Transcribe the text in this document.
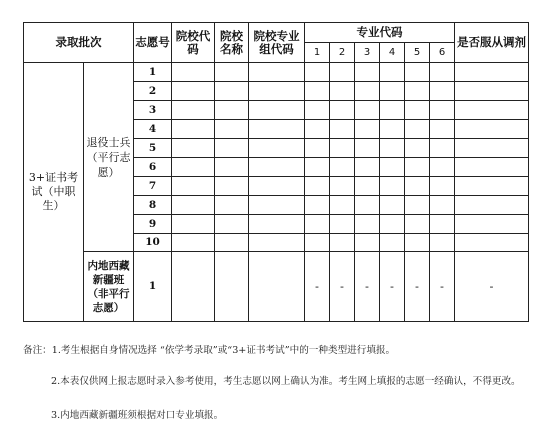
录取批次		志愿号	院校代码	院校名称	院校专业组代码	专业代码						是否服从调剂
						1	2	3	4	5	6	
3+证书考试（中职生）	退役士兵（平行志愿）	1										
		2										
		3										
		4										
		5										
		6										
		7										
		8										
		9										
		10										
	内地西藏新疆班（非平行志愿）	1				-	-	-	-	-	-	-
备注：1.考生根据自身情况选择 “依学考录取”或“3+证书考试”中的一种类型进行填报。
2.本表仅供网上报志愿时录入参考使用，考生志愿以网上确认为准。考生网上填报的志愿一经确认，不得更改。
3.内地西藏新疆班须根据对口专业填报。
